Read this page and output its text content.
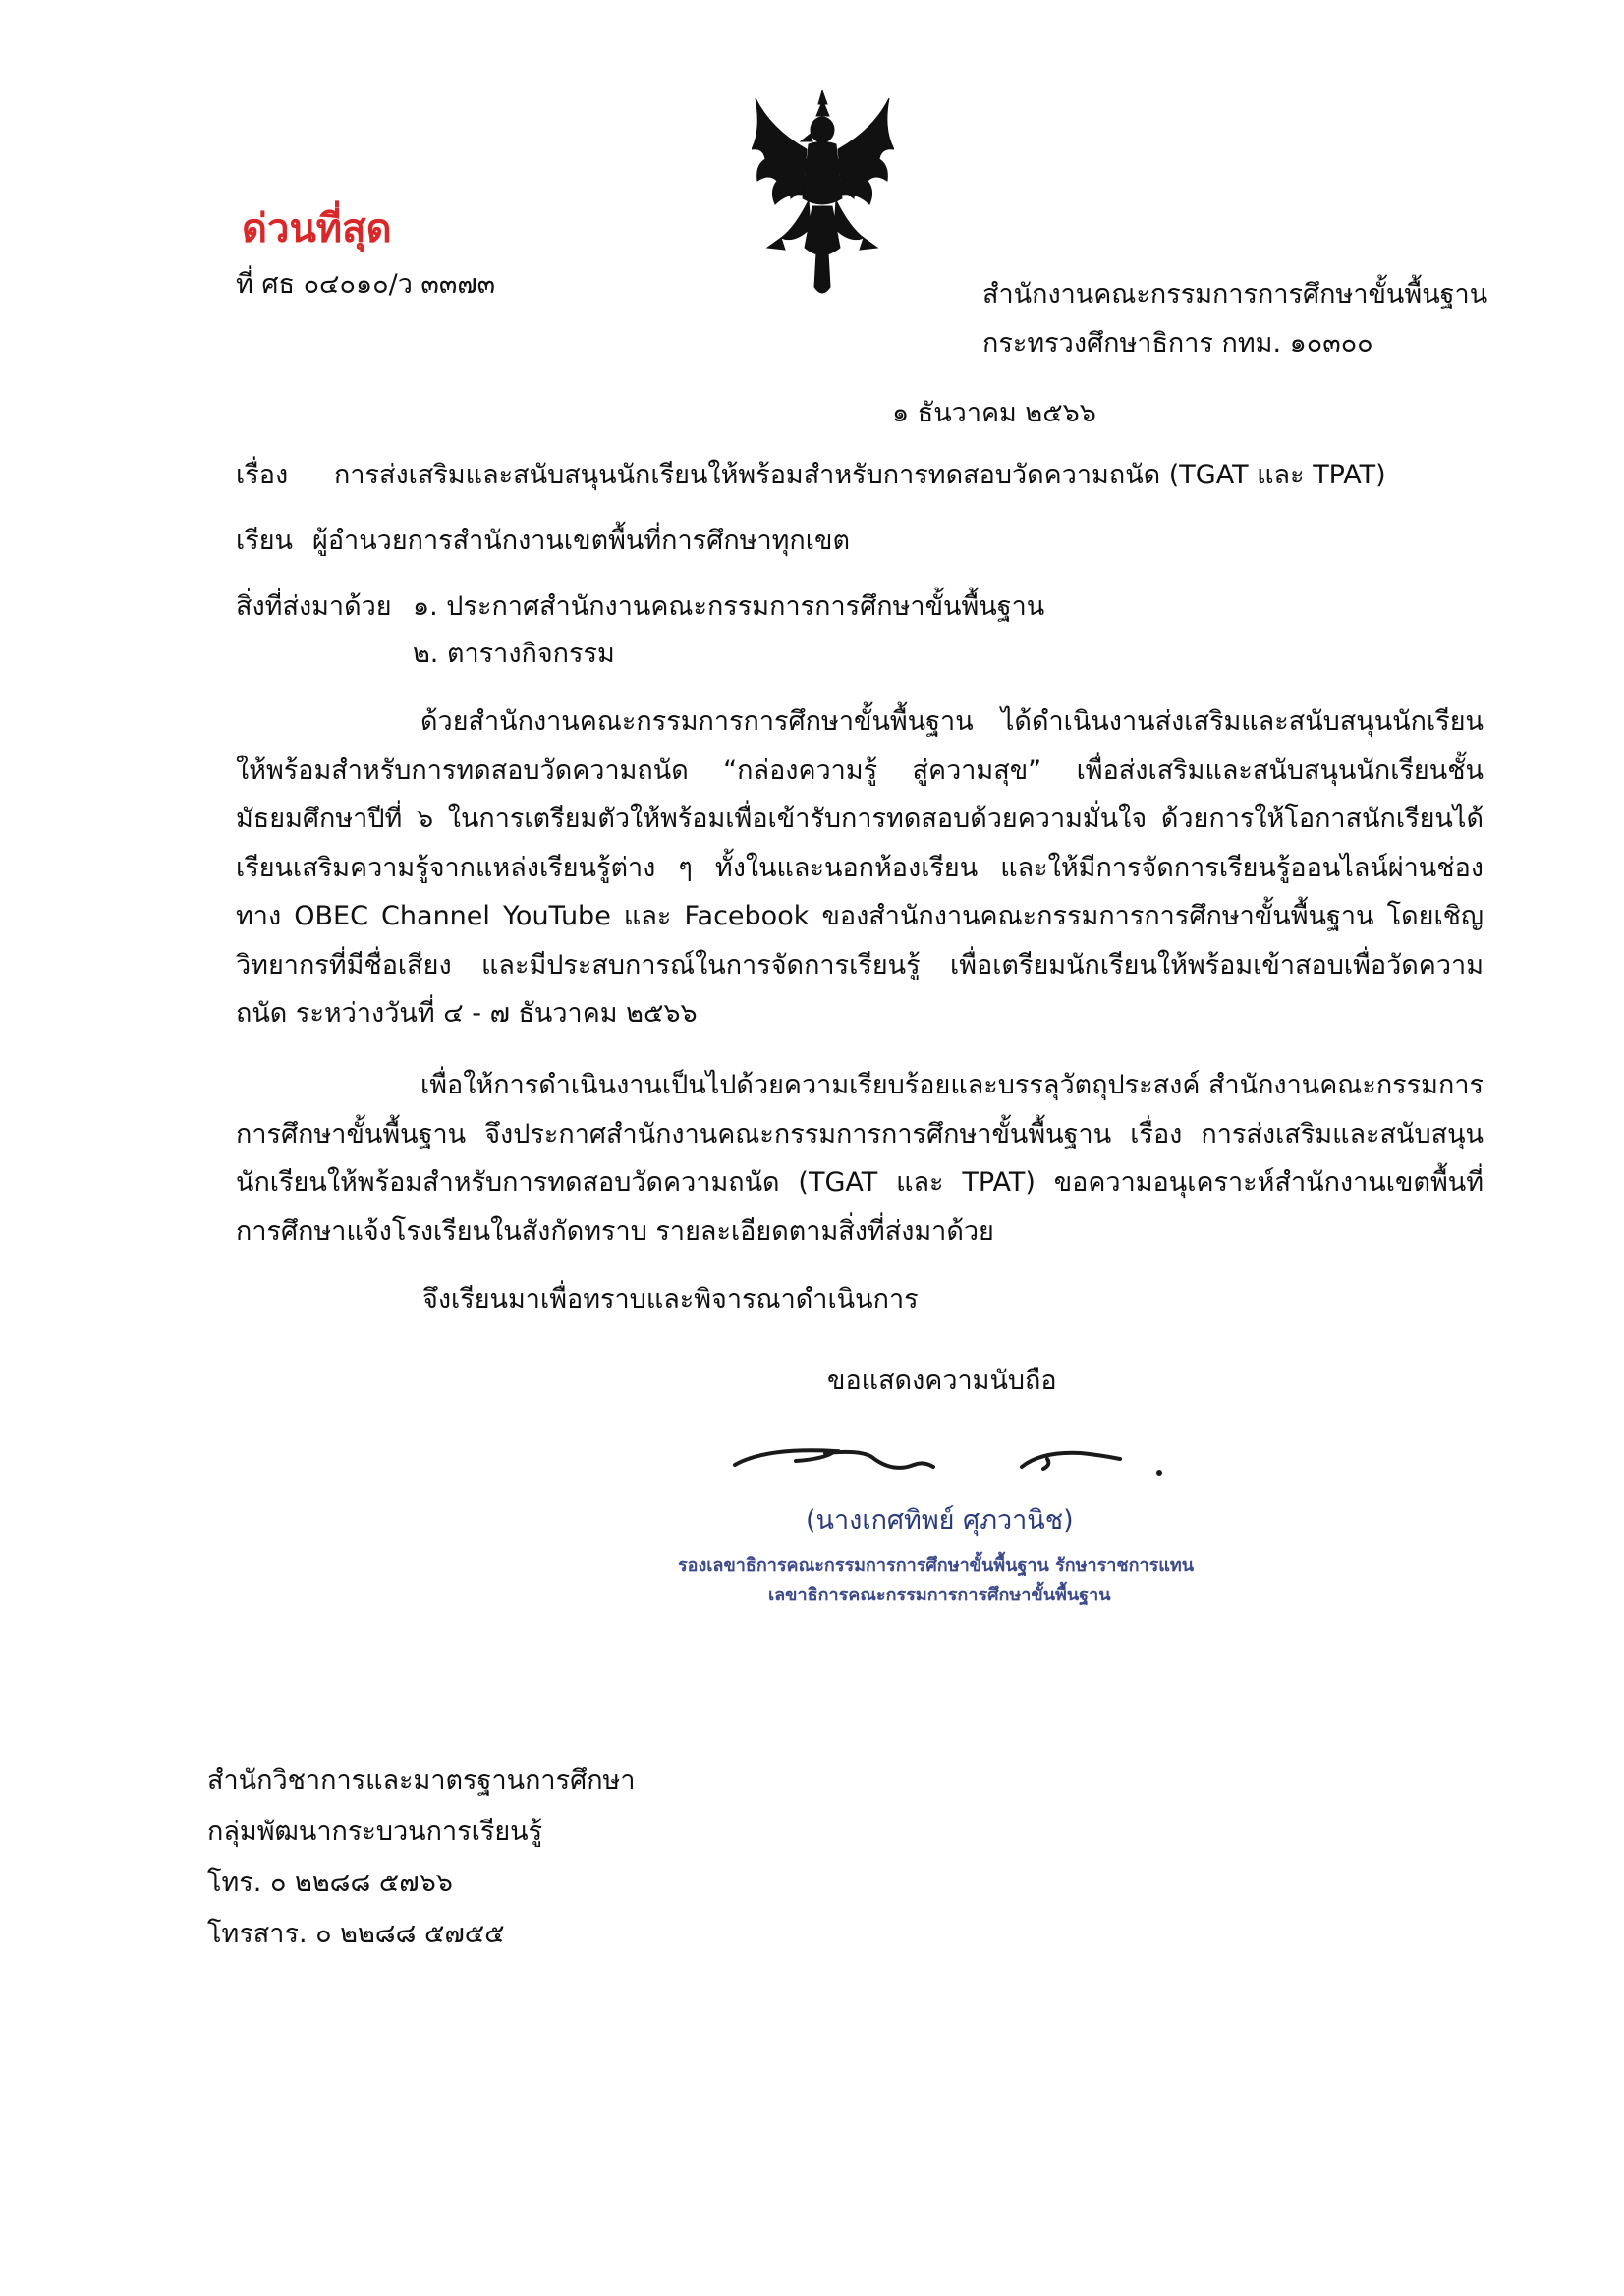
ด่วนที่สุด
ที่ ศธ ๐๔๐๑๐/ว ๓๓๗๓	สำนักงานคณะกรรมการการศึกษาขั้นพื้นฐาน
กระทรวงศึกษาธิการ กทม. ๑๐๓๐๐
๑ ธันวาคม ๒๕๖๖
เรื่อง การส่งเสริมและสนับสนุนนักเรียนให้พร้อมสำหรับการทดสอบวัดความถนัด (TGAT และ TPAT)
เรียน ผู้อำนวยการสำนักงานเขตพื้นที่การศึกษาทุกเขต
สิ่งที่ส่งมาด้วย ๑. ประกาศสำนักงานคณะกรรมการการศึกษาขั้นพื้นฐาน
๒. ตารางกิจกรรม
ด้วยสำนักงานคณะกรรมการการศึกษาขั้นพื้นฐาน ได้ดำเนินงานส่งเสริมและสนับสนุนนักเรียนให้พร้อมสำหรับการทดสอบวัดความถนัด “กล่องความรู้ สู่ความสุข” เพื่อส่งเสริมและสนับสนุนนักเรียนชั้นมัธยมศึกษาปีที่ ๖ ในการเตรียมตัวให้พร้อมเพื่อเข้ารับการทดสอบด้วยความมั่นใจ ด้วยการให้โอกาสนักเรียนได้เรียนเสริมความรู้จากแหล่งเรียนรู้ต่าง ๆ ทั้งในและนอกห้องเรียน และให้มีการจัดการเรียนรู้ออนไลน์ผ่านช่องทาง OBEC Channel YouTube และ Facebook ของสำนักงานคณะกรรมการการศึกษาขั้นพื้นฐาน โดยเชิญวิทยากรที่มีชื่อเสียง และมีประสบการณ์ในการจัดการเรียนรู้ เพื่อเตรียมนักเรียนให้พร้อมเข้าสอบเพื่อวัดความถนัด ระหว่างวันที่ ๔ - ๗ ธันวาคม ๒๕๖๖
เพื่อให้การดำเนินงานเป็นไปด้วยความเรียบร้อยและบรรลุวัตถุประสงค์ สำนักงานคณะกรรมการการศึกษาขั้นพื้นฐาน จึงประกาศสำนักงานคณะกรรมการการศึกษาขั้นพื้นฐาน เรื่อง การส่งเสริมและสนับสนุนนักเรียนให้พร้อมสำหรับการทดสอบวัดความถนัด (TGAT และ TPAT) ขอความอนุเคราะห์สำนักงานเขตพื้นที่การศึกษาแจ้งโรงเรียนในสังกัดทราบ รายละเอียดตามสิ่งที่ส่งมาด้วย
จึงเรียนมาเพื่อทราบและพิจารณาดำเนินการ
ขอแสดงความนับถือ
(นางเกศทิพย์ ศุภวานิช)
รองเลขาธิการคณะกรรมการการศึกษาขั้นพื้นฐาน รักษาราชการแทน
เลขาธิการคณะกรรมการการศึกษาขั้นพื้นฐาน
สำนักวิชาการและมาตรฐานการศึกษา
กลุ่มพัฒนากระบวนการเรียนรู้
โทร. ๐ ๒๒๘๘ ๕๗๖๖
โทรสาร. ๐ ๒๒๘๘ ๕๗๕๕
